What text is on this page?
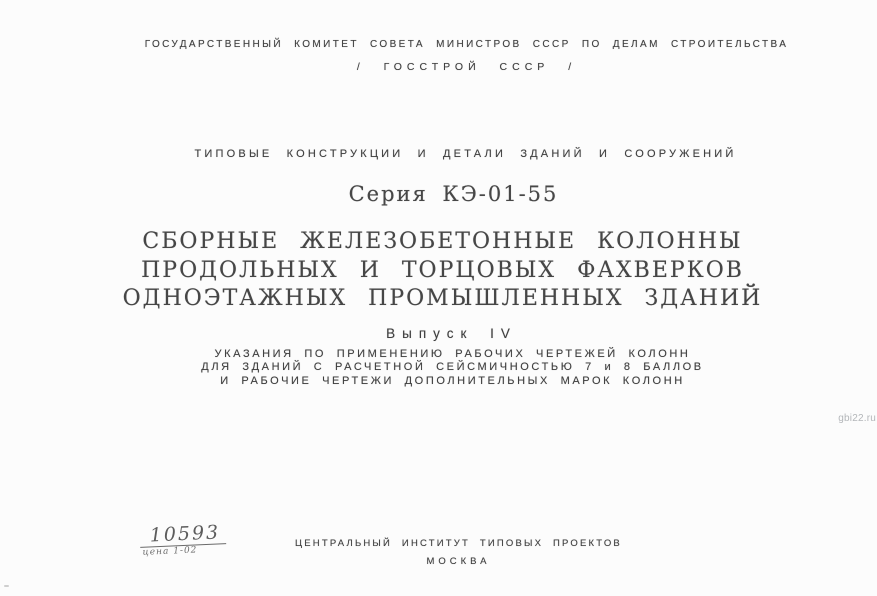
ГОСУДАРСТВЕННЫЙ КОМИТЕТ СОВЕТА МИНИСТРОВ СССР ПО ДЕЛАМ СТРОИТЕЛЬСТВА
/ ГОССТРОЙ СССР /
ТИПОВЫЕ КОНСТРУКЦИИ И ДЕТАЛИ ЗДАНИЙ И СООРУЖЕНИЙ
Серия КЭ-01-55
СБОРНЫЕ ЖЕЛЕЗОБЕТОННЫЕ КОЛОННЫ
ПРОДОЛЬНЫХ И ТОРЦОВЫХ ФАХВЕРКОВ
ОДНОЭТАЖНЫХ ПРОМЫШЛЕННЫХ ЗДАНИЙ
Выпуск IV
УКАЗАНИЯ ПО ПРИМЕНЕНИЮ РАБОЧИХ ЧЕРТЕЖЕЙ КОЛОНН
ДЛЯ ЗДАНИЙ С РАСЧЕТНОЙ СЕЙСМИЧНОСТЬЮ 7 и 8 БАЛЛОВ
И РАБОЧИЕ ЧЕРТЕЖИ ДОПОЛНИТЕЛЬНЫХ МАРОК КОЛОНН
gbi22.ru
10593
цена 1-02
ЦЕНТРАЛЬНЫЙ ИНСТИТУТ ТИПОВЫХ ПРОЕКТОВ
МОСКВА
